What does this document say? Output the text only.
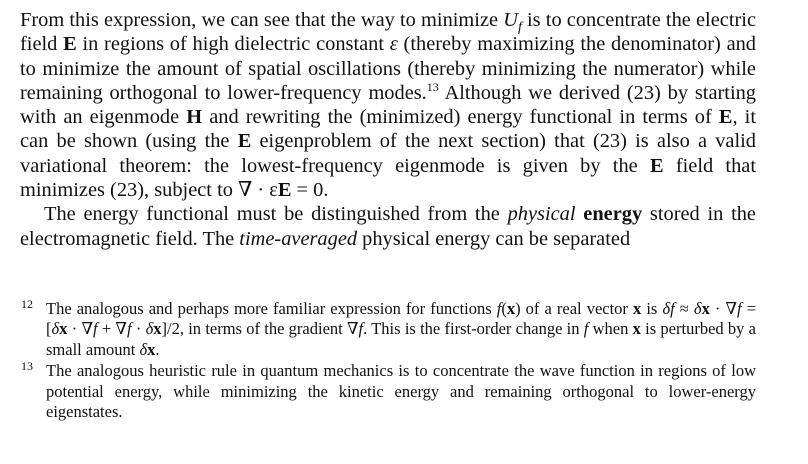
From this expression, we can see that the way to minimize $U_f$ is to concentrate the electric field E in regions of high dielectric constant ε (thereby maximizing the denominator) and to minimize the amount of spatial oscillations (thereby minimizing the numerator) while remaining orthogonal to lower-frequency modes.$^{13}$ Although we derived (23) by starting with an eigenmode H and rewriting the (minimized) energy functional in terms of E, it can be shown (using the E eigenproblem of the next section) that (23) is also a valid variational theorem: the lowest-frequency eigenmode is given by the E field that minimizes (23), subject to ∇ · εE = 0.

The energy functional must be distinguished from the physical energy stored in the electromagnetic field. The time-averaged physical energy can be separated

12 The analogous and perhaps more familiar expression for functions f(x) of a real vector x is δf ≈ δx · ∇f = [δx · ∇f + ∇f · δx]/2, in terms of the gradient ∇f. This is the first-order change in f when x is perturbed by a small amount δx.

13 The analogous heuristic rule in quantum mechanics is to concentrate the wave function in regions of low potential energy, while minimizing the kinetic energy and remaining orthogonal to lower-energy eigenstates.
